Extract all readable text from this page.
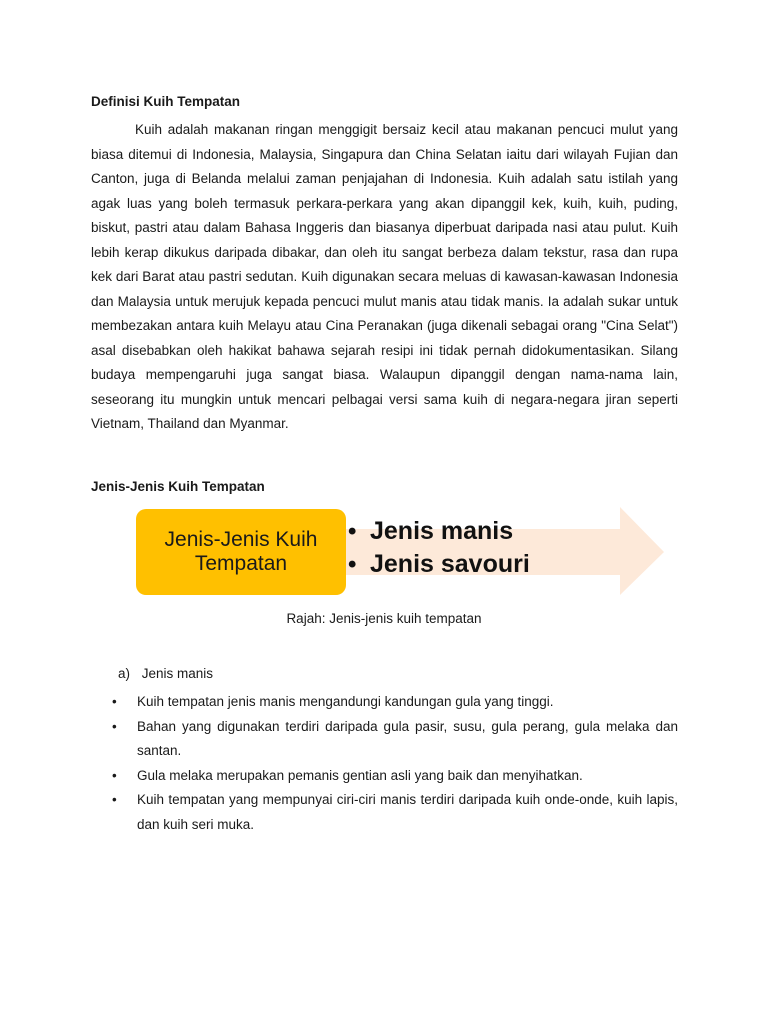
Definisi Kuih Tempatan

Kuih adalah makanan ringan menggigit bersaiz kecil atau makanan pencuci mulut yang biasa ditemui di Indonesia, Malaysia, Singapura dan China Selatan iaitu dari wilayah Fujian dan Canton, juga di Belanda melalui zaman penjajahan di Indonesia. Kuih adalah satu istilah yang agak luas yang boleh termasuk perkara-perkara yang akan dipanggil kek, kuih, kuih, puding, biskut, pastri atau dalam Bahasa Inggeris dan biasanya diperbuat daripada nasi atau pulut. Kuih lebih kerap dikukus daripada dibakar, dan oleh itu sangat berbeza dalam tekstur, rasa dan rupa kek dari Barat atau pastri sedutan. Kuih digunakan secara meluas di kawasan-kawasan Indonesia dan Malaysia untuk merujuk kepada pencuci mulut manis atau tidak manis. Ia adalah sukar untuk membezakan antara kuih Melayu atau Cina Peranakan (juga dikenali sebagai orang "Cina Selat") asal disebabkan oleh hakikat bahawa sejarah resipi ini tidak pernah didokumentasikan. Silang budaya mempengaruhi juga sangat biasa. Walaupun dipanggil dengan nama-nama lain, seseorang itu mungkin untuk mencari pelbagai versi sama kuih di negara-negara jiran seperti Vietnam, Thailand dan Myanmar.

Jenis-Jenis Kuih Tempatan
Jenis-Jenis Kuih
Tempatan
• Jenis manis
• Jenis savouri
Rajah: Jenis-jenis kuih tempatan
a) Jenis manis
• Kuih tempatan jenis manis mengandungi kandungan gula yang tinggi.
• Bahan yang digunakan terdiri daripada gula pasir, susu, gula perang, gula melaka dan santan.
• Gula melaka merupakan pemanis gentian asli yang baik dan menyihatkan.
• Kuih tempatan yang mempunyai ciri-ciri manis terdiri daripada kuih onde-onde, kuih lapis, dan kuih seri muka.
